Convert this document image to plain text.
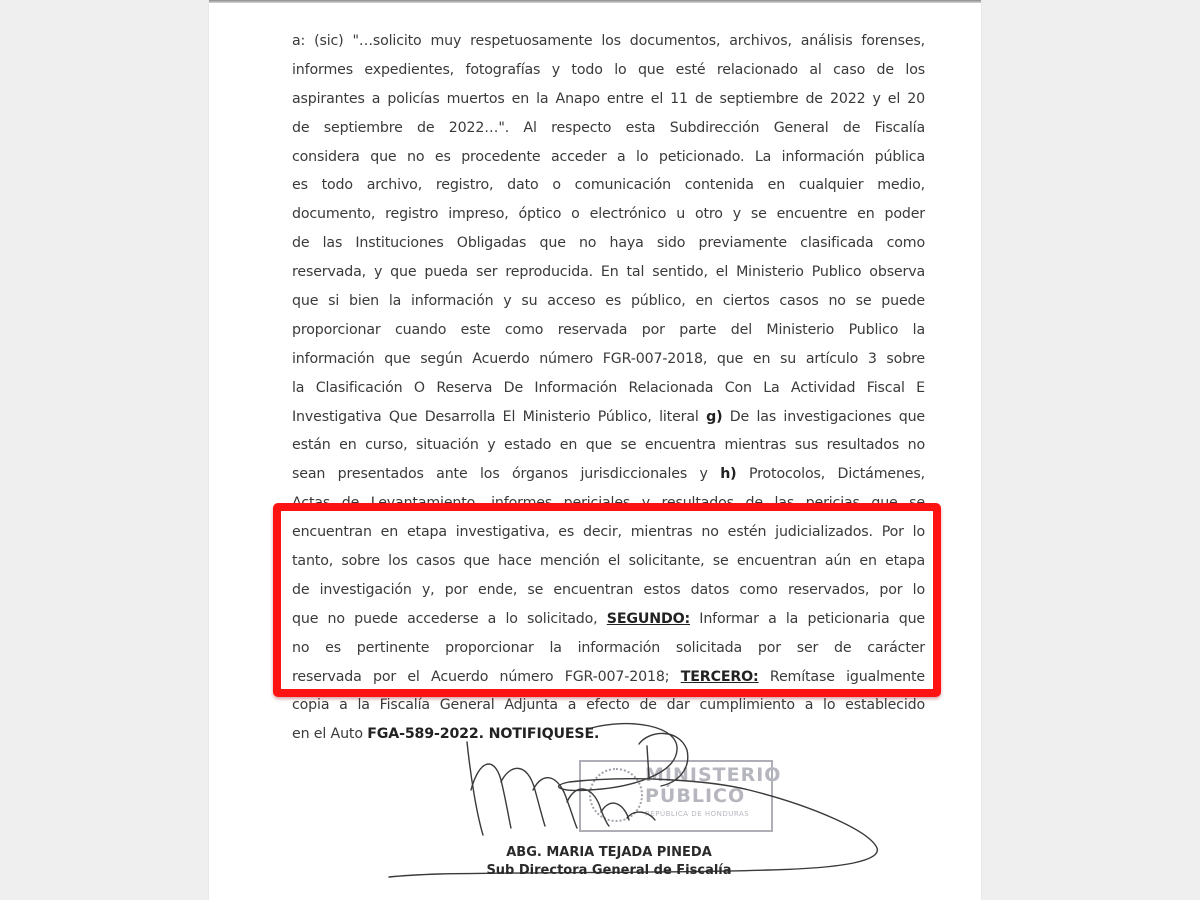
a: (sic) "…solicito muy respetuosamente los documentos, archivos, análisis forenses,
informes expedientes, fotografías y todo lo que esté relacionado al caso de los
aspirantes a policías muertos en la Anapo entre el 11 de septiembre de 2022 y el 20
de septiembre de 2022…". Al respecto esta Subdirección General de Fiscalía
considera que no es procedente acceder a lo peticionado. La información pública
es todo archivo, registro, dato o comunicación contenida en cualquier medio,
documento, registro impreso, óptico o electrónico u otro y se encuentre en poder
de las Instituciones Obligadas que no haya sido previamente clasificada como
reservada, y que pueda ser reproducida. En tal sentido, el Ministerio Publico observa
que si bien la información y su acceso es público, en ciertos casos no se puede
proporcionar cuando este como reservada por parte del Ministerio Publico la
información que según Acuerdo número FGR-007-2018, que en su artículo 3 sobre
la Clasificación O Reserva De Información Relacionada Con La Actividad Fiscal E
Investigativa Que Desarrolla El Ministerio Público, literal g) De las investigaciones que
están en curso, situación y estado en que se encuentra mientras sus resultados no
sean presentados ante los órganos jurisdiccionales y h) Protocolos, Dictámenes,
Actas de Levantamiento, informes periciales y resultados de las pericias que se
encuentran en etapa investigativa, es decir, mientras no estén judicializados. Por lo
tanto, sobre los casos que hace mención el solicitante, se encuentran aún en etapa
de investigación y, por ende, se encuentran estos datos como reservados, por lo
que no puede accederse a lo solicitado, SEGUNDO: Informar a la peticionaria que
no es pertinente proporcionar la información solicitada por ser de carácter
reservada por el Acuerdo número FGR-007-2018; TERCERO: Remítase igualmente
copia a la Fiscalía General Adjunta a efecto de dar cumplimiento a lo establecido
en el Auto FGA-589-2022. NOTIFIQUESE.
MINISTERIO
PÚBLICO
REPÚBLICA DE HONDURAS
ABG. MARIA TEJADA PINEDA
Sub Directora General de Fiscalía
